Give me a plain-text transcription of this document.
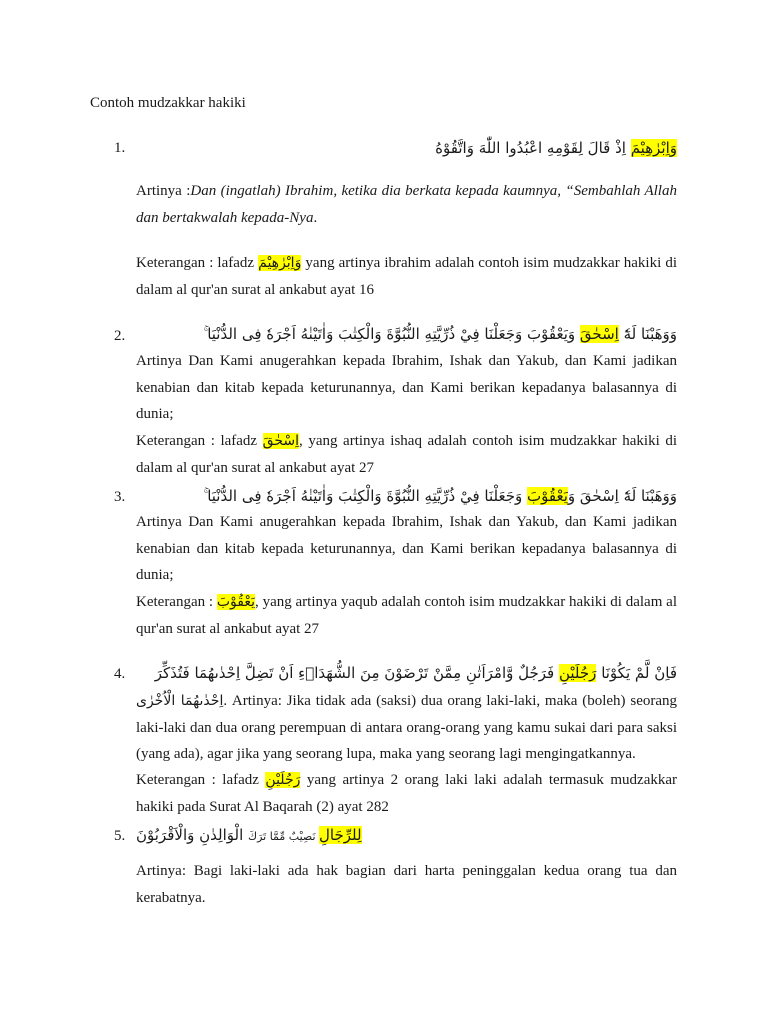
Contoh mudzakkar hakiki
1.	وَاِبْرٰهِيْمَ اِذْ قَالَ لِقَوْمِهِ اعْبُدُوا اللّٰهَ وَاتَّقُوْهُ
Artinya :Dan (ingatlah) Ibrahim, ketika dia berkata kepada kaumnya, “Sembahlah Allah dan bertakwalah kepada-Nya.
Keterangan : lafadz وَاِبْرٰهِيْمَ yang artinya ibrahim adalah contoh isim mudzakkar hakiki di dalam al qur'an surat al ankabut ayat 16
2.	وَوَهَبْنَا لَهٗٓ اِسْحٰقَ وَيَعْقُوْبَ وَجَعَلْنَا فِيْ ذُرِّيَّتِهِ النُّبُوَّةَ وَالْكِتٰبَ وَاٰتَيْنٰهُ اَجْرَهٗ فِى الدُّنْيَا ۚ
Artinya Dan Kami anugerahkan kepada Ibrahim, Ishak dan Yakub, dan Kami jadikan kenabian dan kitab kepada keturunannya, dan Kami berikan kepadanya balasannya di dunia;
Keterangan : lafadz اِسْحٰقَ, yang artinya ishaq adalah contoh isim mudzakkar hakiki di dalam al qur'an surat al ankabut ayat 27
3.	وَوَهَبْنَا لَهٗٓ اِسْحٰقَ وَيَعْقُوْبَ وَجَعَلْنَا فِيْ ذُرِّيَّتِهِ النُّبُوَّةَ وَالْكِتٰبَ وَاٰتَيْنٰهُ اَجْرَهٗ فِى الدُّنْيَا ۚ
Artinya Dan Kami anugerahkan kepada Ibrahim, Ishak dan Yakub, dan Kami jadikan kenabian dan kitab kepada keturunannya, dan Kami berikan kepadanya balasannya di dunia;
Keterangan : يَعْقُوْبَ, yang artinya yaqub adalah contoh isim mudzakkar hakiki di dalam al qur'an surat al ankabut ayat 27
4.	فَاِنْ لَّمْ يَكُوْنَا رَجُلَيْنِ فَرَجُلٌ وَّامْرَاَتٰنِ مِمَّنْ تَرْضَوْنَ مِنَ الشُّهَدَاۤءِ اَنْ تَضِلَّ اِحْدٰىهُمَا فَتُذَكِّرَ
اِحْدٰىهُمَا الْاُخْرٰى. Artinya: Jika tidak ada (saksi) dua orang laki-laki, maka (boleh) seorang laki-laki dan dua orang perempuan di antara orang-orang yang kamu sukai dari para saksi (yang ada), agar jika yang seorang lupa, maka yang seorang lagi mengingatkannya.
Keterangan : lafadz رَجُلَيْنِ yang artinya 2 orang laki laki adalah termasuk mudzakkar hakiki pada Surat Al Baqarah (2) ayat 282
5.	لِلرِّجَالِ نَصِيْبٌ مِّمَّا تَرَكَ الْوَالِدٰنِ وَالْاَقْرَبُوْنَ
Artinya: Bagi laki-laki ada hak bagian dari harta peninggalan kedua orang tua dan kerabatnya.
